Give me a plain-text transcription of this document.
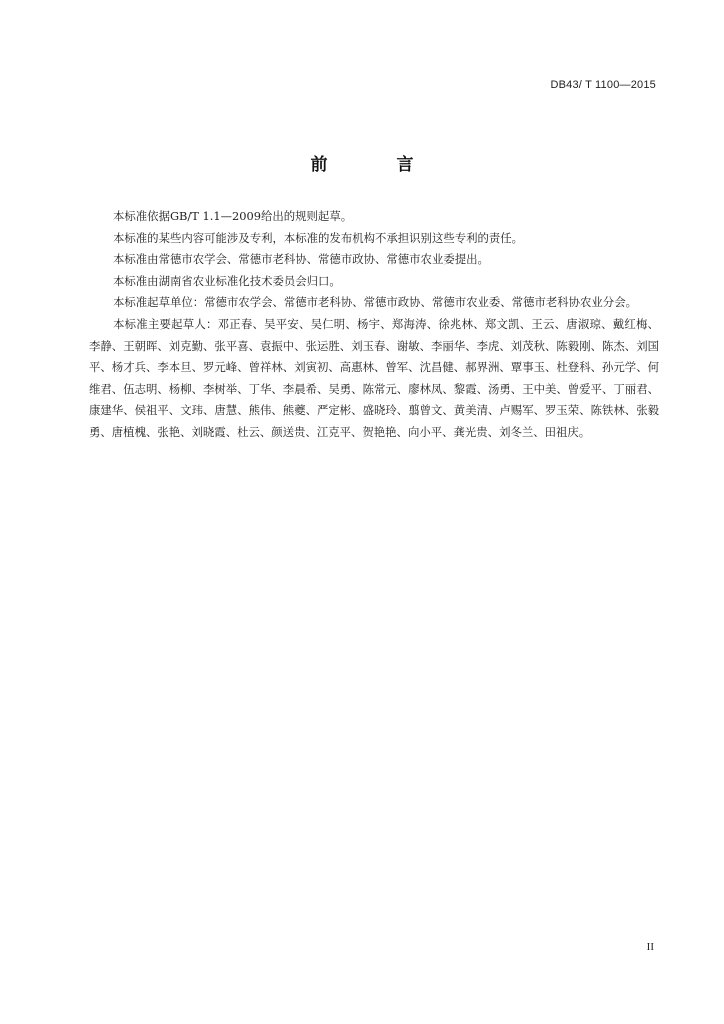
DB43/ T 1100—2015
前　言

本标准依据GB/T 1.1—2009给出的规则起草。

本标准的某些内容可能涉及专利，本标准的发布机构不承担识别这些专利的责任。

本标准由常德市农学会、常德市老科协、常德市政协、常德市农业委提出。

本标准由湖南省农业标准化技术委员会归口。

本标准起草单位：常德市农学会、常德市老科协、常德市政协、常德市农业委、常德市老科协农业分会。

本标准主要起草人：邓正春、吴平安、吴仁明、杨宇、郑海涛、徐兆林、郑文凯、王云、唐淑琼、戴红梅、李静、王朝晖、刘克勤、张平喜、袁振中、张运胜、刘玉春、谢敏、李丽华、李虎、刘茂秋、陈毅刚、陈杰、刘国平、杨才兵、李本旦、罗元峰、曾祥林、刘寅初、高惠林、曾军、沈昌健、郝界洲、覃事玉、杜登科、孙元学、何维君、伍志明、杨柳、李树举、丁华、李晨希、吴勇、陈常元、廖林凤、黎霞、汤勇、王中美、曾爱平、丁丽君、康建华、侯祖平、文玮、唐慧、熊伟、熊夔、严定彬、盛晓玲、翦曾文、黄美清、卢赐军、罗玉荣、陈铁林、张毅勇、唐植槐、张艳、刘晓霞、杜云、颜送贵、江克平、贺艳艳、向小平、龚光贵、刘冬兰、田祖庆。

II
